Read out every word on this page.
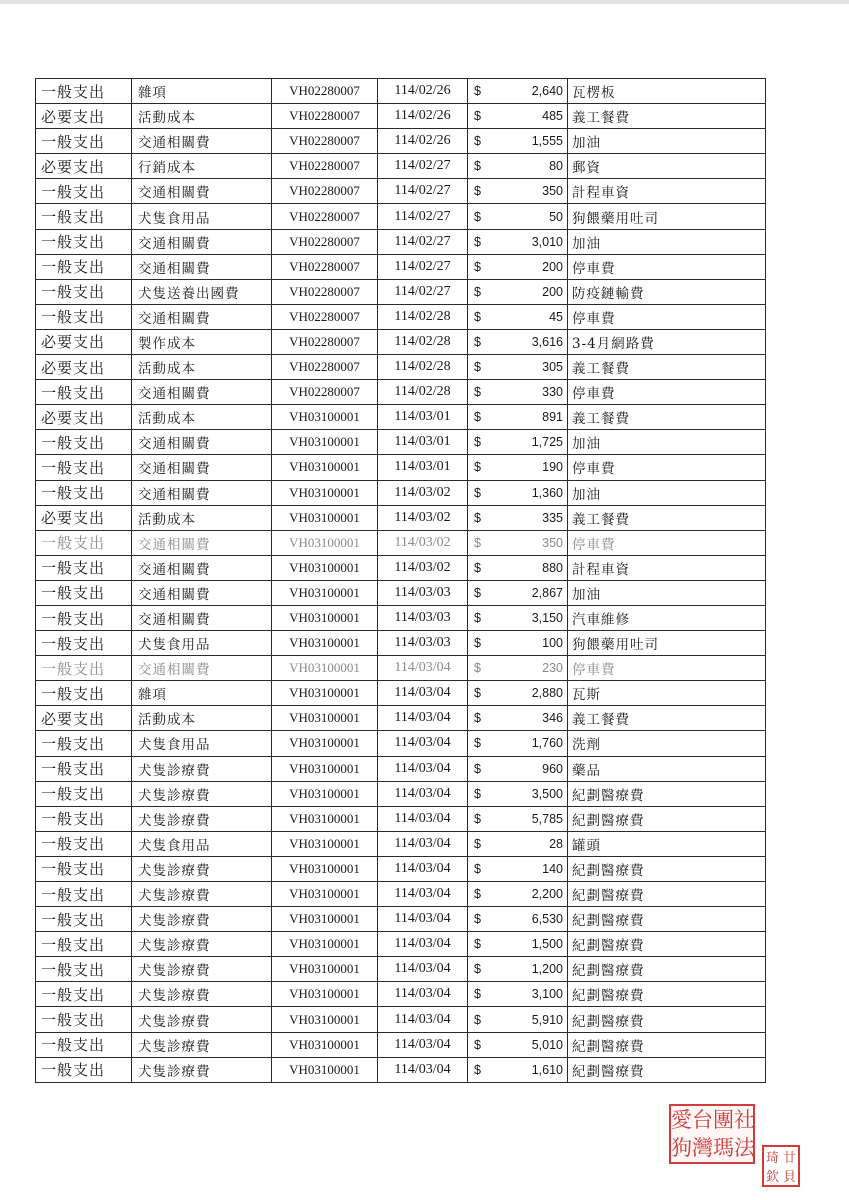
一般支出	雜項	VH02280007	114/02/26	$ 2,640	瓦楞板
必要支出	活動成本	VH02280007	114/02/26	$ 485	義工餐費
一般支出	交通相關費	VH02280007	114/02/26	$ 1,555	加油
必要支出	行銷成本	VH02280007	114/02/27	$ 80	郵資
一般支出	交通相關費	VH02280007	114/02/27	$ 350	計程車資
一般支出	犬隻食用品	VH02280007	114/02/27	$ 50	狗餵藥用吐司
一般支出	交通相關費	VH02280007	114/02/27	$ 3,010	加油
一般支出	交通相關費	VH02280007	114/02/27	$ 200	停車費
一般支出	犬隻送養出國費	VH02280007	114/02/27	$ 200	防疫鏈輸費
一般支出	交通相關費	VH02280007	114/02/28	$ 45	停車費
必要支出	製作成本	VH02280007	114/02/28	$ 3,616	3-4月網路費
必要支出	活動成本	VH02280007	114/02/28	$ 305	義工餐費
一般支出	交通相關費	VH02280007	114/02/28	$ 330	停車費
必要支出	活動成本	VH03100001	114/03/01	$ 891	義工餐費
一般支出	交通相關費	VH03100001	114/03/01	$ 1,725	加油
一般支出	交通相關費	VH03100001	114/03/01	$ 190	停車費
一般支出	交通相關費	VH03100001	114/03/02	$ 1,360	加油
必要支出	活動成本	VH03100001	114/03/02	$ 335	義工餐費
一般支出	交通相關費	VH03100001	114/03/02	$ 350	停車費
一般支出	交通相關費	VH03100001	114/03/02	$ 880	計程車資
一般支出	交通相關費	VH03100001	114/03/03	$ 2,867	加油
一般支出	交通相關費	VH03100001	114/03/03	$ 3,150	汽車維修
一般支出	犬隻食用品	VH03100001	114/03/03	$ 100	狗餵藥用吐司
一般支出	交通相關費	VH03100001	114/03/04	$ 230	停車費
一般支出	雜項	VH03100001	114/03/04	$ 2,880	瓦斯
必要支出	活動成本	VH03100001	114/03/04	$ 346	義工餐費
一般支出	犬隻食用品	VH03100001	114/03/04	$ 1,760	洗劑
一般支出	犬隻診療費	VH03100001	114/03/04	$ 960	藥品
一般支出	犬隻診療費	VH03100001	114/03/04	$ 3,500	紀劃醫療費
一般支出	犬隻診療費	VH03100001	114/03/04	$ 5,785	紀劃醫療費
一般支出	犬隻食用品	VH03100001	114/03/04	$ 28	罐頭
一般支出	犬隻診療費	VH03100001	114/03/04	$ 140	紀劃醫療費
一般支出	犬隻診療費	VH03100001	114/03/04	$ 2,200	紀劃醫療費
一般支出	犬隻診療費	VH03100001	114/03/04	$ 6,530	紀劃醫療費
一般支出	犬隻診療費	VH03100001	114/03/04	$ 1,500	紀劃醫療費
一般支出	犬隻診療費	VH03100001	114/03/04	$ 1,200	紀劃醫療費
一般支出	犬隻診療費	VH03100001	114/03/04	$ 3,100	紀劃醫療費
一般支出	犬隻診療費	VH03100001	114/03/04	$ 5,910	紀劃醫療費
一般支出	犬隻診療費	VH03100001	114/03/04	$ 5,010	紀劃醫療費
一般支出	犬隻診療費	VH03100001	114/03/04	$ 1,610	紀劃醫療費
愛 台 團 社
狗 灣 瑪 法 琦 廿
欽 貝
